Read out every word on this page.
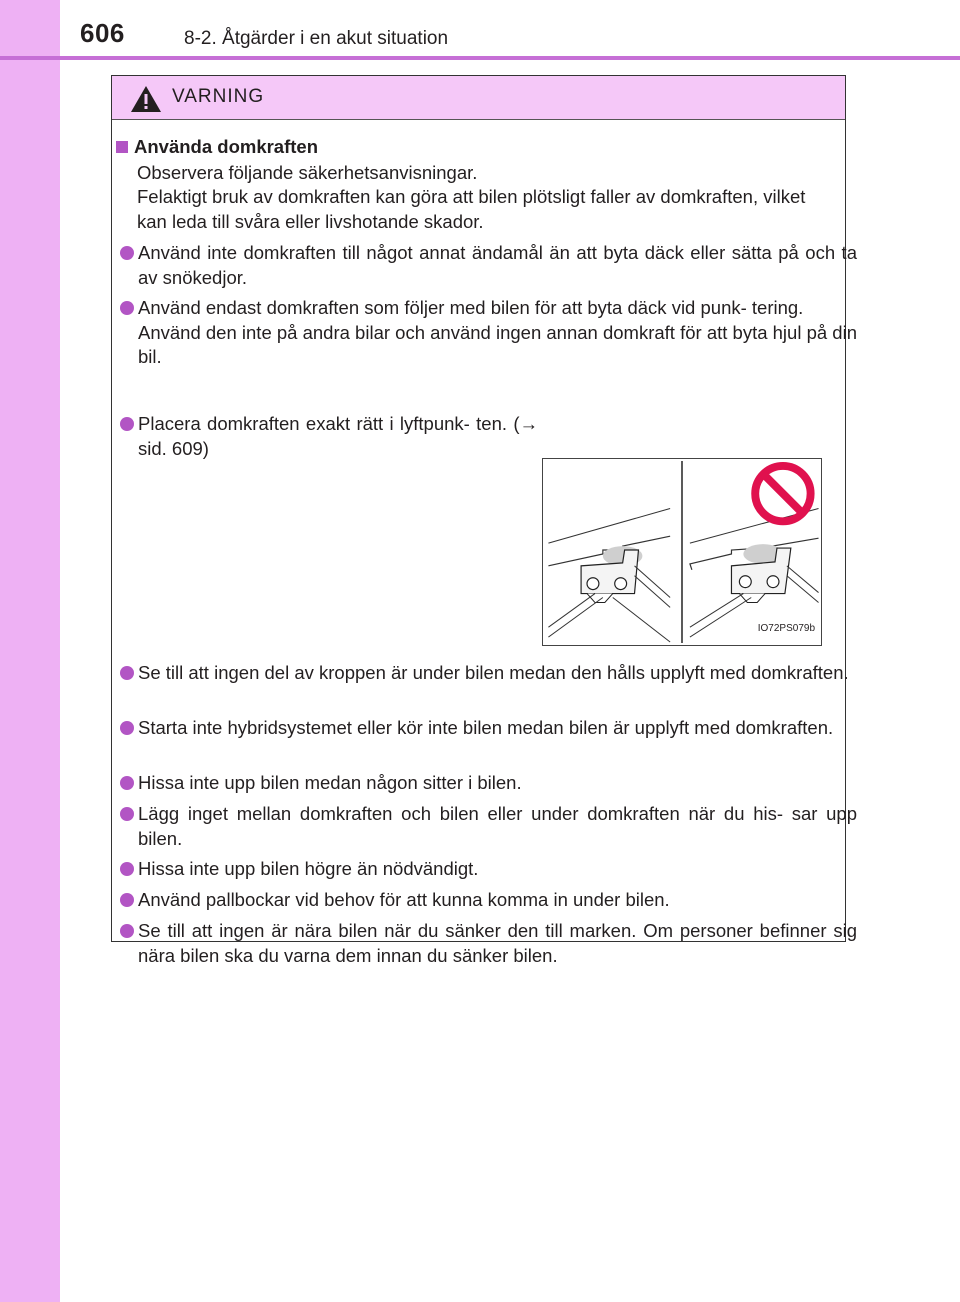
606	8-2. Åtgärder i en akut situation
VARNING
Använda domkraften
Observera följande säkerhetsanvisningar.
Felaktigt bruk av domkraften kan göra att bilen plötsligt faller av domkraften, vilket kan leda till svåra eller livshotande skador.
Använd inte domkraften till något annat ändamål än att byta däck eller sätta på och ta av snökedjor.
Använd endast domkraften som följer med bilen för att byta däck vid punk- tering.
Använd den inte på andra bilar och använd ingen annan domkraft för att byta hjul på din bil.
Placera domkraften exakt rätt i lyftpunk- ten. (→ sid. 609)
IO72PS079b
Se till att ingen del av kroppen är under bilen medan den hålls upplyft med domkraften.
Starta inte hybridsystemet eller kör inte bilen medan bilen är upplyft med domkraften.
Hissa inte upp bilen medan någon sitter i bilen.
Lägg inget mellan domkraften och bilen eller under domkraften när du his- sar upp bilen.
Hissa inte upp bilen högre än nödvändigt.
Använd pallbockar vid behov för att kunna komma in under bilen.
Se till att ingen är nära bilen när du sänker den till marken. Om personer befinner sig nära bilen ska du varna dem innan du sänker bilen.
